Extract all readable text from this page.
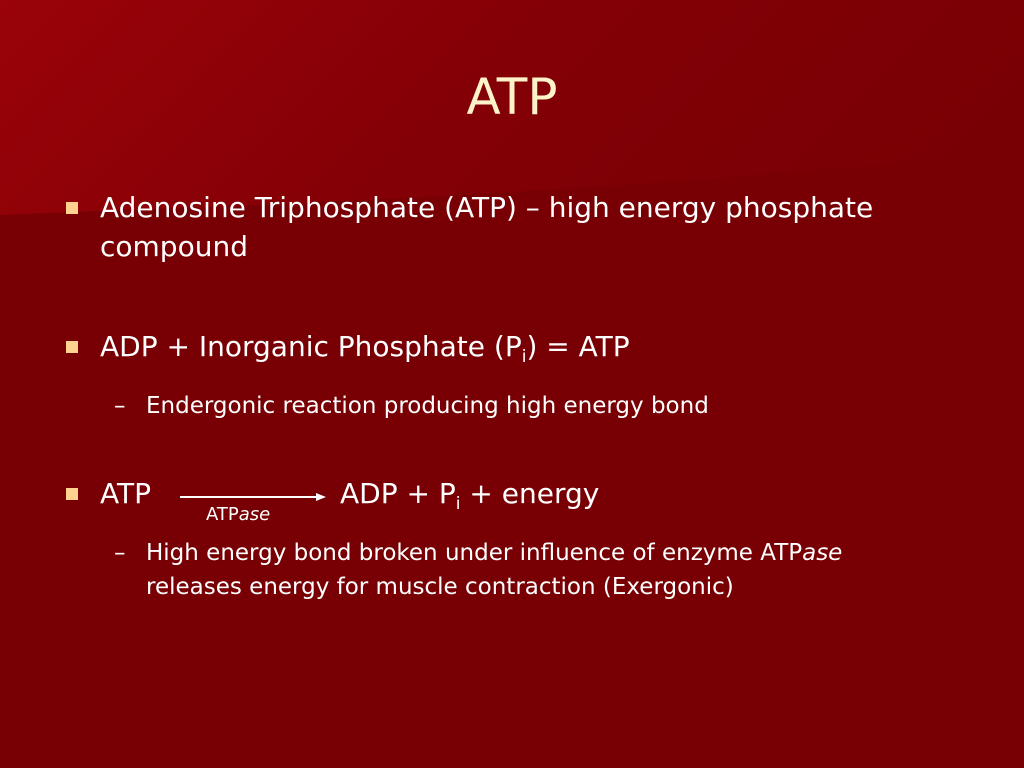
ATP
Adenosine Triphosphate (ATP) – high energy phosphate
compound
ADP + Inorganic Phosphate $(P_i)$ = ATP
– Endergonic reaction producing high energy bond
ATP
ATPase
ADP + $P_i$ + energy
– High energy bond broken under influence of enzyme ATPase
releases energy for muscle contraction (Exergonic)
